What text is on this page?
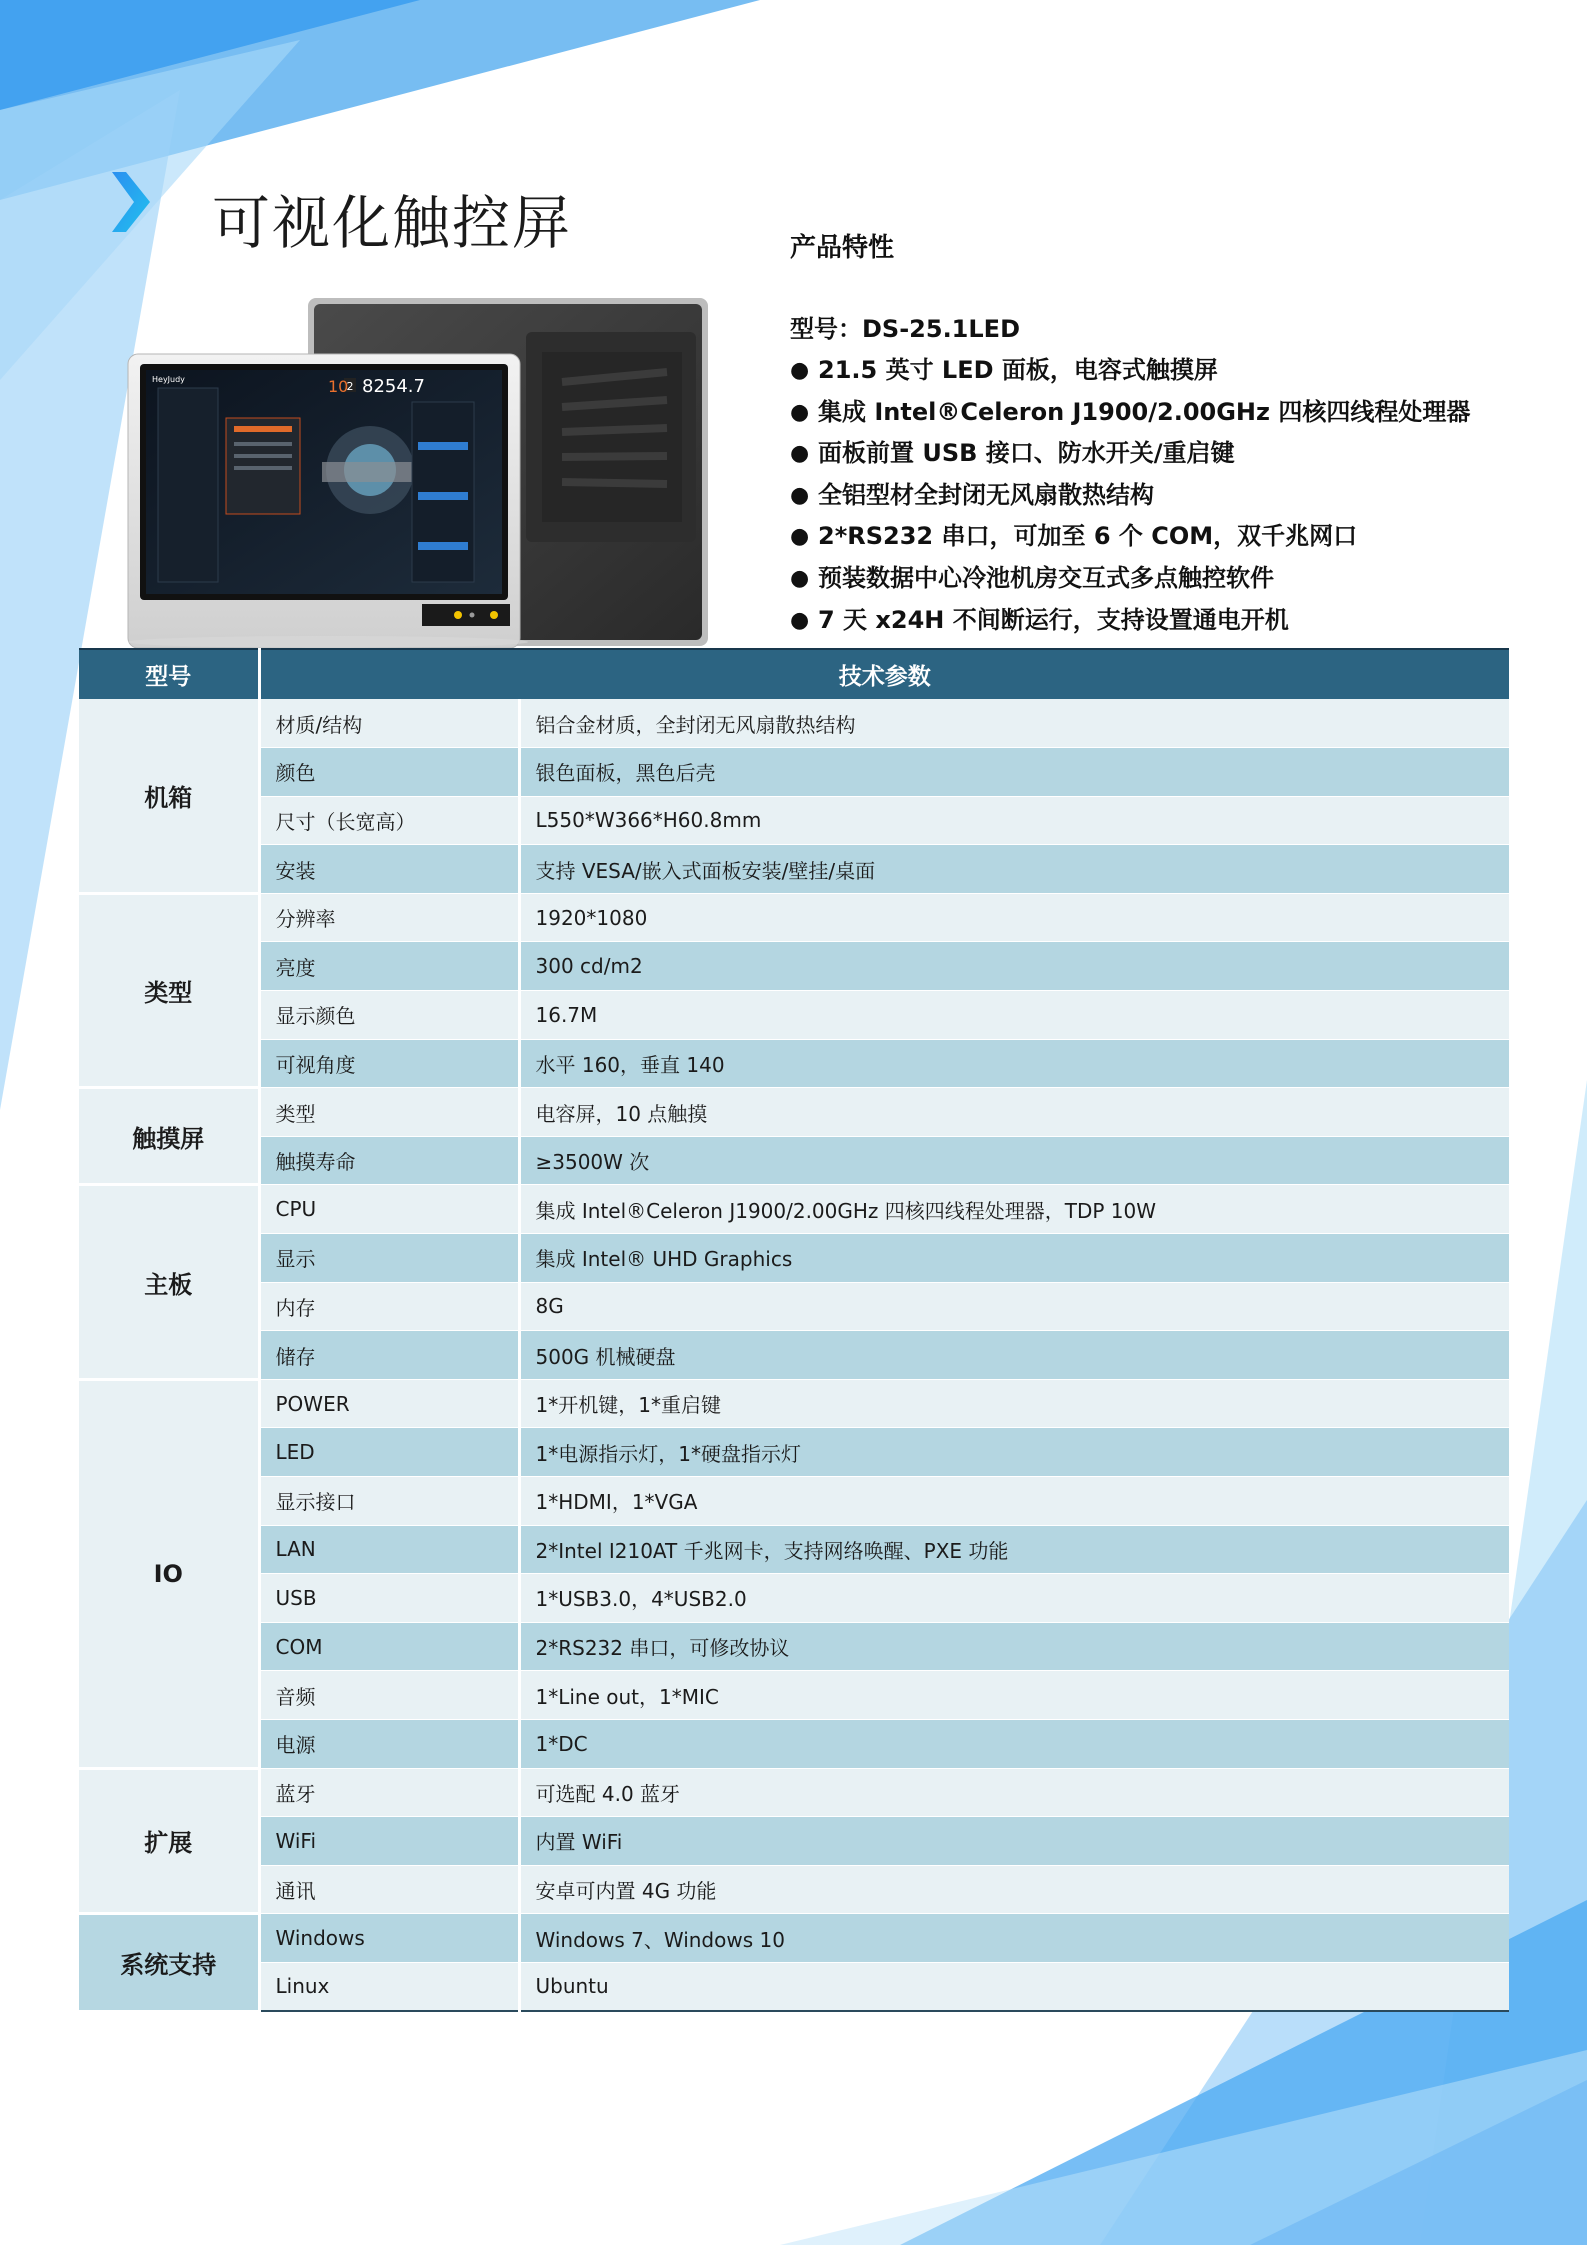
可视化触控屏
2
10 8254.7
HeyJudy
产品特性
型号：DS-25.1LED
● 21.5 英寸 LED 面板，电容式触摸屏
● 集成 Intel®Celeron J1900/2.00GHz 四核四线程处理器
● 面板前置 USB 接口、防水开关/重启键
● 全铝型材全封闭无风扇散热结构
● 2*RS232 串口，可加至 6 个 COM，双千兆网口
● 预装数据中心冷池机房交互式多点触控软件
● 7 天 x24H 不间断运行，支持设置通电开机
型号	技术参数	
机箱	材质/结构	铝合金材质，全封闭无风扇散热结构
	颜色	银色面板，黑色后壳
	尺寸（长宽高）	L550*W366*H60.8mm
	安装	支持 VESA/嵌入式面板安装/壁挂/桌面
类型	分辨率	1920*1080
	亮度	300 cd/m2
	显示颜色	16.7M
	可视角度	水平 160，垂直 140
触摸屏	类型	电容屏，10 点触摸
	触摸寿命	≥3500W 次
主板	CPU	集成 Intel®Celeron J1900/2.00GHz 四核四线程处理器，TDP 10W
	显示	集成 Intel® UHD Graphics
	内存	8G
	储存	500G 机械硬盘
IO	POWER	1*开机键，1*重启键
	LED	1*电源指示灯，1*硬盘指示灯
	显示接口	1*HDMI，1*VGA
	LAN	2*Intel I210AT 千兆网卡，支持网络唤醒、PXE 功能
	USB	1*USB3.0，4*USB2.0
	COM	2*RS232 串口，可修改协议
	音频	1*Line out，1*MIC
	电源	1*DC
扩展	蓝牙	可选配 4.0 蓝牙
	WiFi	内置 WiFi
	通讯	安卓可内置 4G 功能
系统支持	Windows	Windows 7、Windows 10
	Linux	Ubuntu
